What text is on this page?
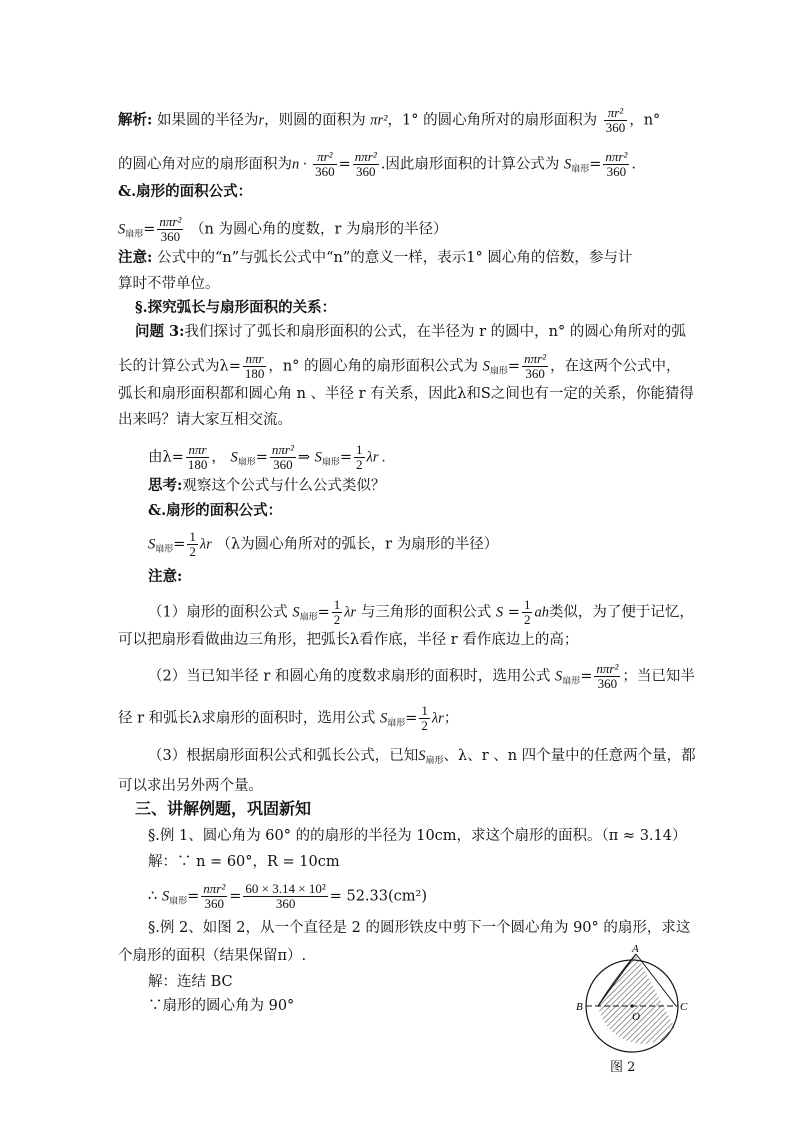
解析: 如果圆的半径为r，则圆的面积为 πr²，1° 的圆心角所对的扇形面积为 $\frac{\text{πr²}}{360}$ ，n°
的圆心角对应的扇形面积为$n \cdot \frac{\text{πr²}}{360} = \frac{\text{nπr²}}{360}$ .因此扇形面积的计算公式为 $S_{扇形}= \frac{\text{nπr²}}{360}$ .
&.扇形的面积公式：
$S_{扇形}= \frac{\text{nπr²}}{360} (n$ 为圆心角的度数，r 为扇形的半径）
注意: 公式中的“n”与弧长公式中“n”的意义一样，表示1° 圆心角的倍数，参与计
算时不带单位。
§.探究弧长与扇形面积的关系：
问题 3:我们探讨了弧长和扇形面积的公式，在半径为 r 的圆中，n° 的圆心角所对的弧
长的计算公式为$\lambda= \frac{\text{nπr}}{180}$ ，n° 的圆心角的扇形面积公式为 $S_{扇形}= \frac{\text{nπr²}}{360}$ ，在这两个公式中，
弧长和扇形面积都和圆心角 n 、半径 r 有关系，因此λ和S之间也有一定的关系，你能猜得
出来吗？请大家互相交流。
由$\lambda= \frac{\text{nπr}}{180}$ ， $S_{扇形}= \frac{\text{nπr²}}{360}$ ⇒ $S_{扇形}= \frac{1}{2}$ λr .
思考:观察这个公式与什么公式类似？
&.扇形的面积公式：
$S_{扇形}= \frac{1}{2}$ λr （λ为圆心角所对的弧长，r 为扇形的半径）
注意:
（1）扇形的面积公式 $S_{扇形}= \frac{1}{2}$ λr 与三角形的面积公式 $S = \frac{1}{2}$ ah类似，为了便于记忆，
可以把扇形看做曲边三角形，把弧长λ看作底，半径 r 看作底边上的高；
（2）当已知半径 r 和圆心角的度数求扇形的面积时，选用公式 $S_{扇形}= \frac{\text{nπr²}}{360}$ ；当已知半
径 r 和弧长λ求扇形的面积时，选用公式 $S_{扇形}= \frac{1}{2}$ λr；
（3）根据扇形面积公式和弧长公式，已知$S_{扇形}$、λ、r 、n 四个量中的任意两个量，都
可以求出另外两个量。
三、讲解例题，巩固新知
§.例 1、圆心角为 60° 的的扇形的半径为 10cm，求这个扇形的面积。（π ≈ 3.14）
解：∵ n = 60°，R = 10cm
∴ $S_{扇形}= \frac{\text{nπr²}}{360} = \frac{\text{60 × 3.14 × 10²}}{360} = 52.33(cm^2)$
§.例 2、如图 2，从一个直径是 2 的圆形铁皮中剪下一个圆心角为 90° 的扇形，求这
个扇形的面积（结果保留π）.
解：连结 BC
∵扇形的圆心角为 90°
A
B	C
O
图 2
